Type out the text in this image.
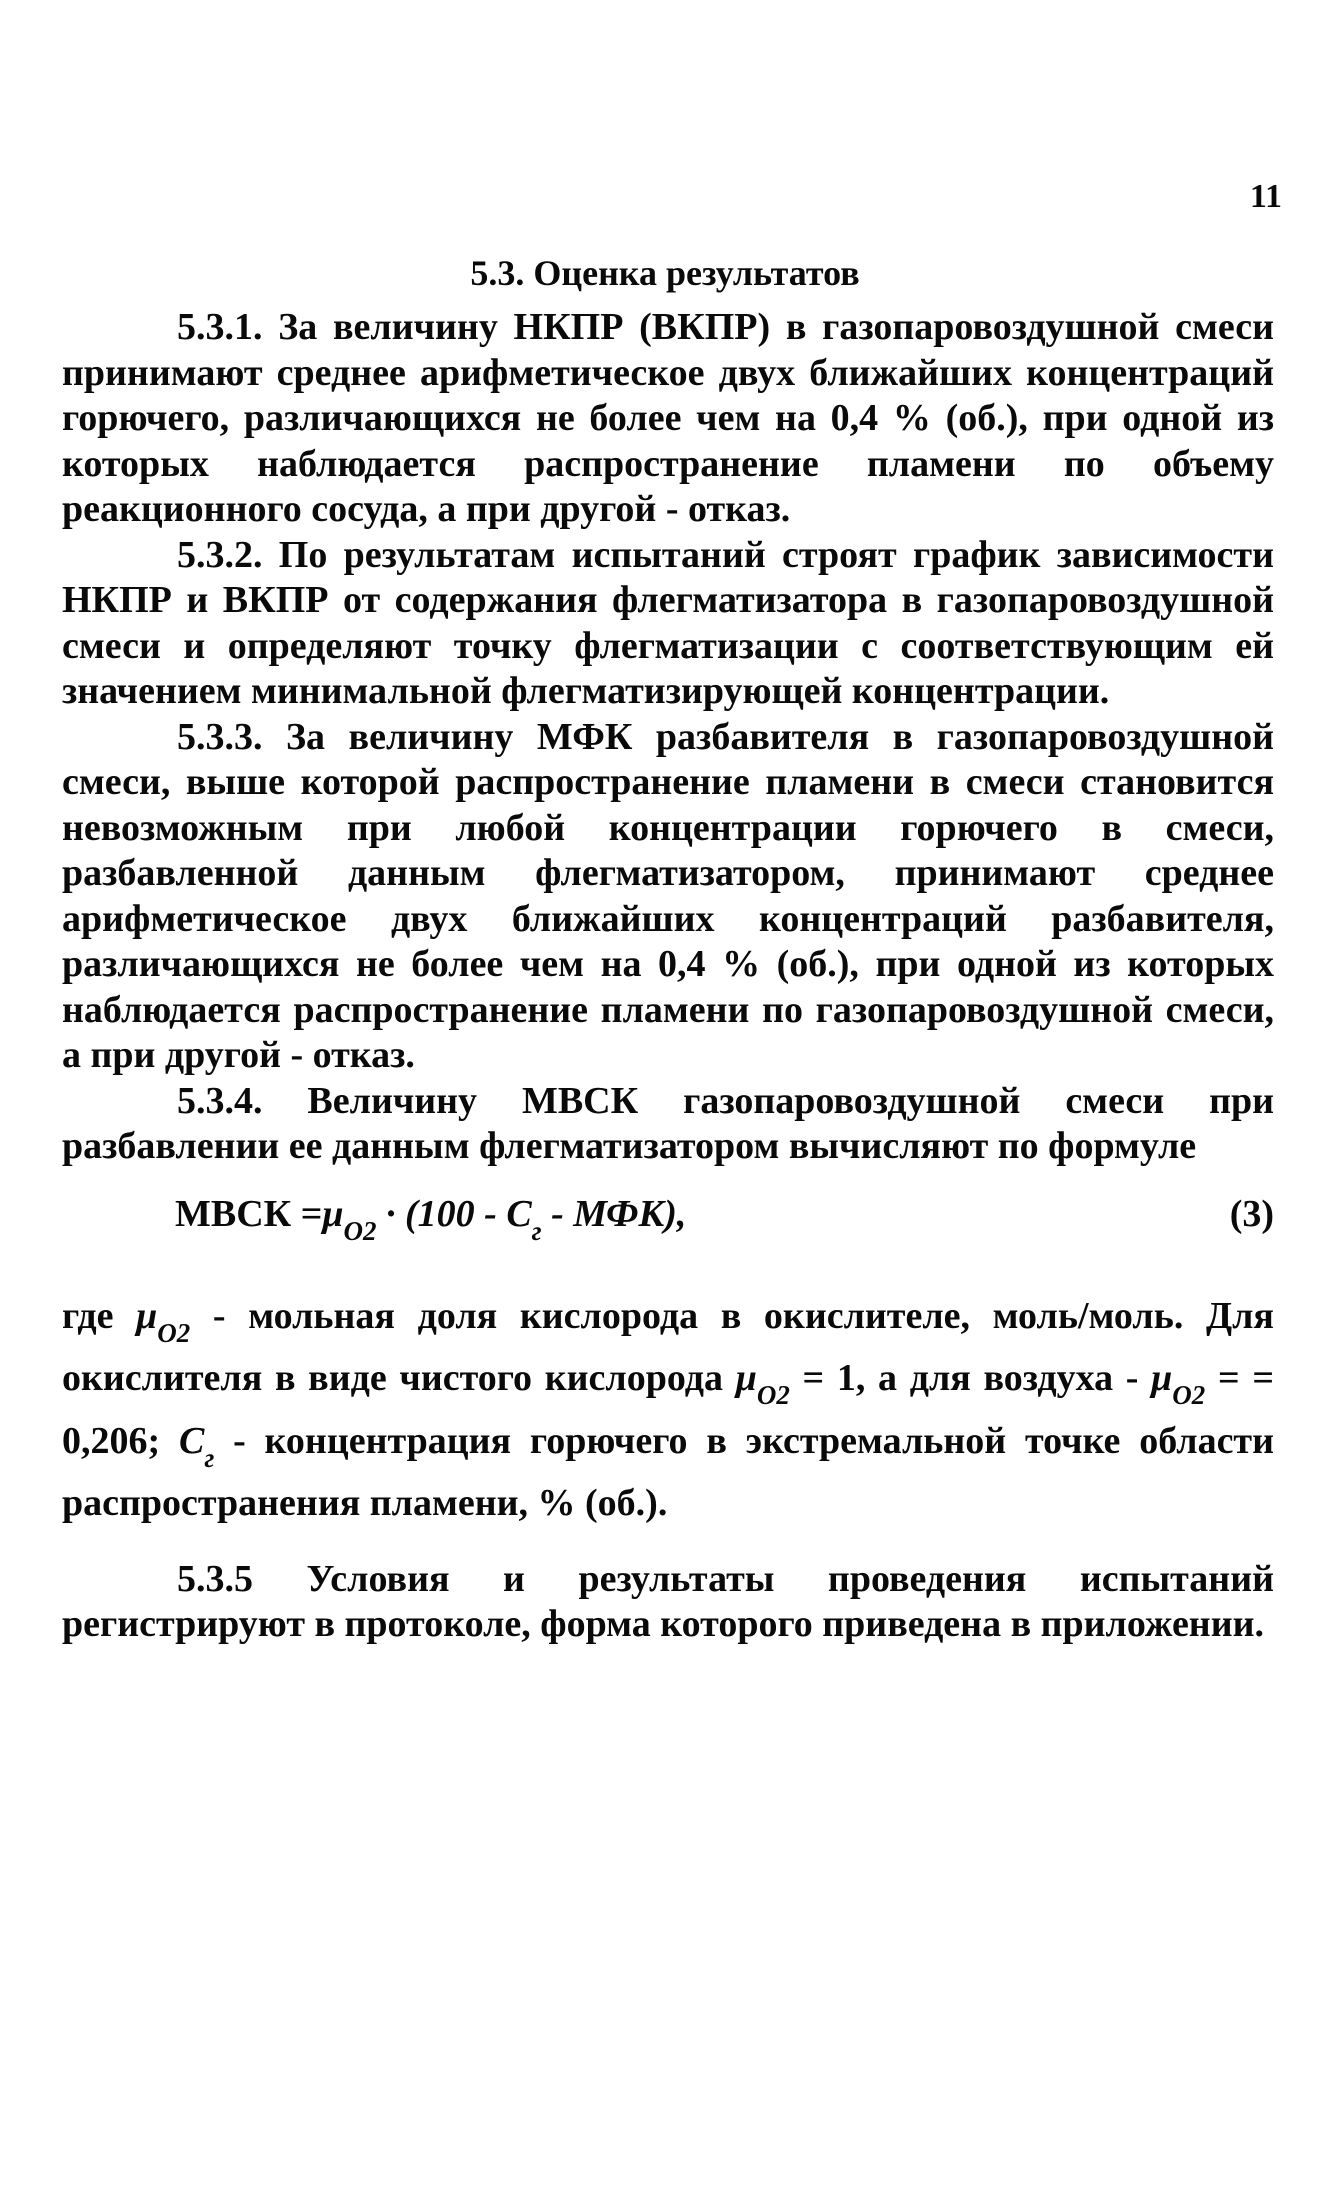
11
5.3. Оценка результатов

5.3.1. За величину НКПР (ВКПР) в газопаровоздушной смеси принимают среднее арифметическое двух ближайших концентраций горючего, различающихся не более чем на 0,4 % (об.), при одной из которых наблюдается распространение пламени по объему реакционного сосуда, а при другой - отказ.

5.3.2. По результатам испытаний строят график зависимости НКПР и ВКПР от содержания флегматизатора в газопаровоздушной смеси и определяют точку флегматизации с соответствующим ей значением минимальной флегматизирующей концентрации.

5.3.3. За величину МФК разбавителя в газопаровоздушной смеси, выше которой распространение пламени в смеси становится невозможным при любой концентрации горючего в смеси, разбавленной данным флегматизатором, принимают среднее арифметическое двух ближайших концентраций разбавителя, различающихся не более чем на 0,4 % (об.), при одной из которых наблюдается распространение пламени по газопаровоздушной смеси, а при другой - отказ.

5.3.4. Величину МВСК газопаровоздушной смеси при разбавлении ее данным флегматизатором вычисляют по формуле

МВСК $=\mu_{O2} \cdot (100 - C_г - МФК)$,	(3)

где $\mu_{O2}$ - мольная доля кислорода в окислителе, моль/моль. Для окислителя в виде чистого кислорода $\mu_{O2} = 1$, а для воздуха - $\mu_{O2}$ = = 0,206; $C_г$ - концентрация горючего в экстремальной точке области распространения пламени, % (об.).

5.3.5 Условия и результаты проведения испытаний регистрируют в протоколе, форма которого приведена в приложении.
